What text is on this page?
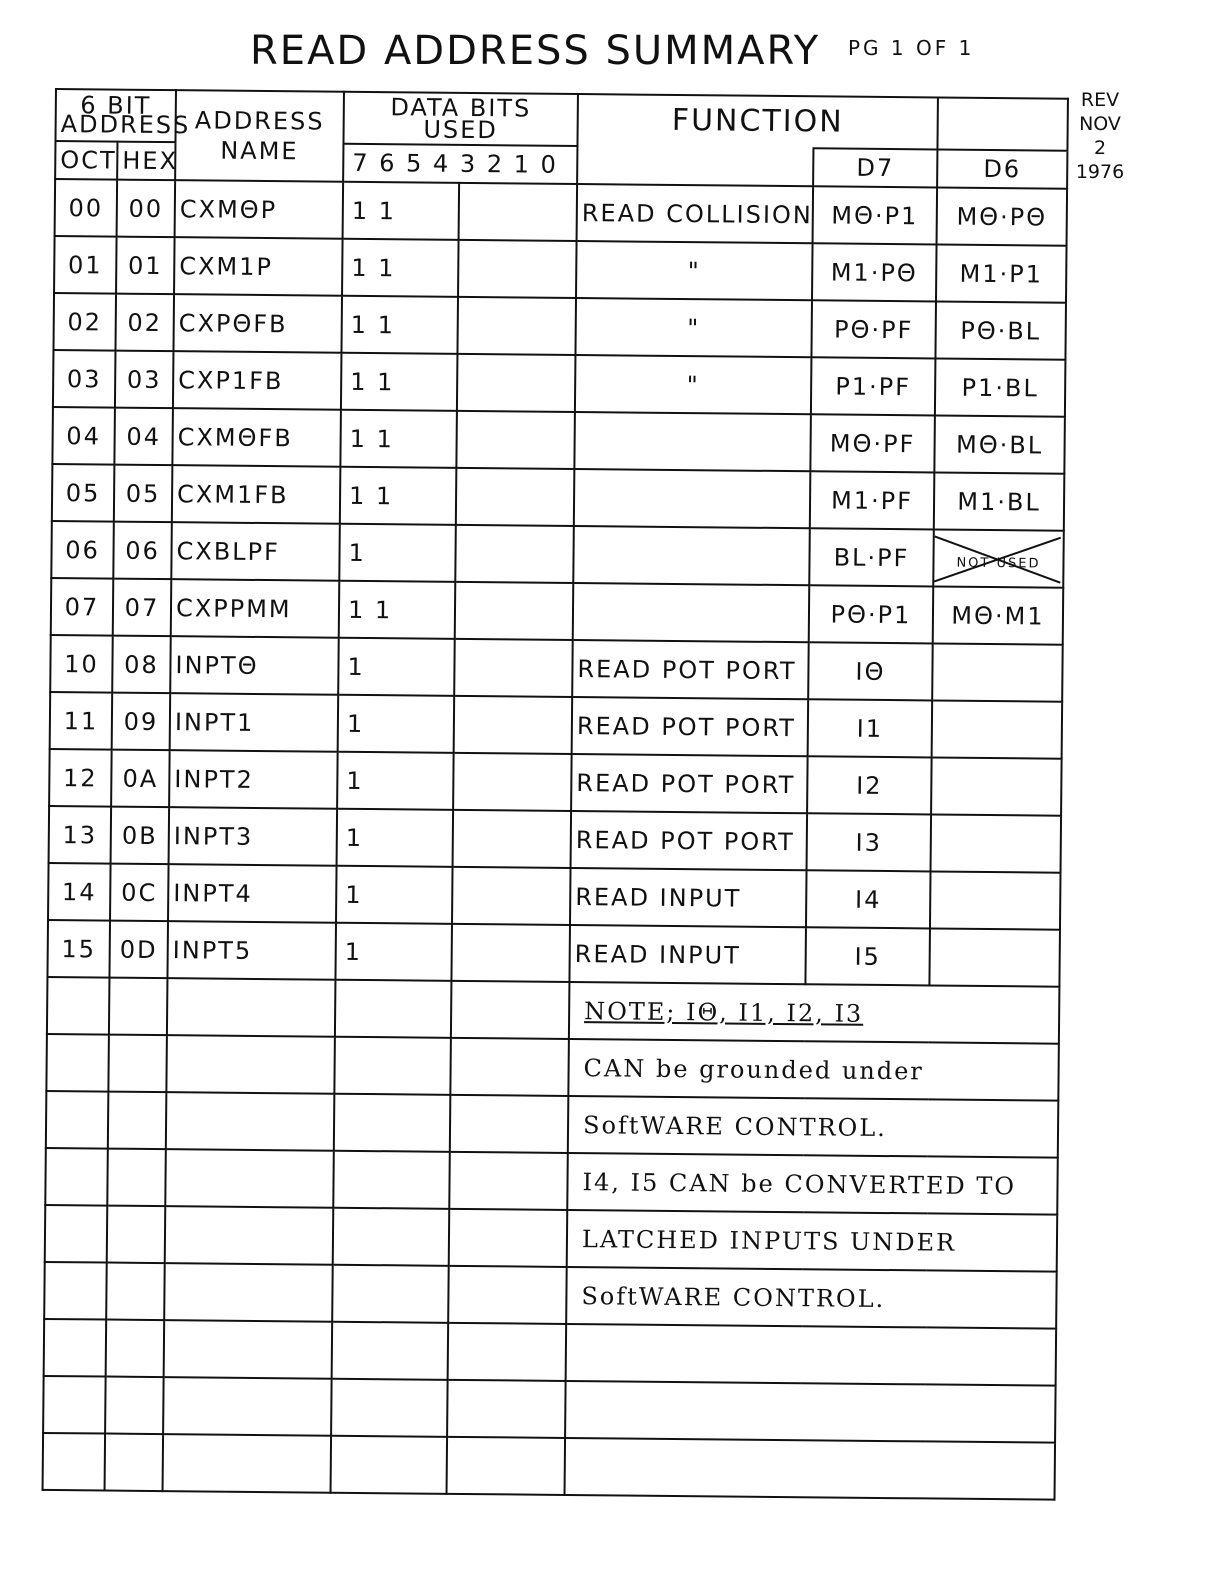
READ ADDRESS SUMMARY PG 1 OF 1
REV
NOV
2
1976
6 BIT ADDRESS		ADDRESS NAME	DATA BITS USED		FUNCTION		
OCT	HEX		7 6 5 4 3 2 1 0			D7	D6
00	00	CXMΘP	1 1		READ COLLISION	MΘ·P1	MΘ·PΘ
01	01	CXM1P	1 1		"	M1·PΘ	M1·P1
02	02	CXPΘFB	1 1		"	PΘ·PF	PΘ·BL
03	03	CXP1FB	1 1		"	P1·PF	P1·BL
04	04	CXMΘFB	1 1			MΘ·PF	MΘ·BL
05	05	CXM1FB	1 1			M1·PF	M1·BL
06	06	CXBLPF	1			BL·PF	NOT USED
07	07	CXPPMM	1 1			PΘ·P1	MΘ·M1
10	08	INPTΘ	1		READ POT PORT	IΘ	
11	09	INPT1	1		READ POT PORT	I1	
12	0A	INPT2	1		READ POT PORT	I2	
13	0B	INPT3	1		READ POT PORT	I3	
14	0C	INPT4	1		READ INPUT	I4	
15	0D	INPT5	1		READ INPUT	I5	
					NOTE; IΘ, I1, I2, I3		
					CAN be grounded under		
					SoftWARE CONTROL.		
					I4, I5 CAN be CONVERTED TO		
					LATCHED INPUTS UNDER		
					SoftWARE CONTROL.		
